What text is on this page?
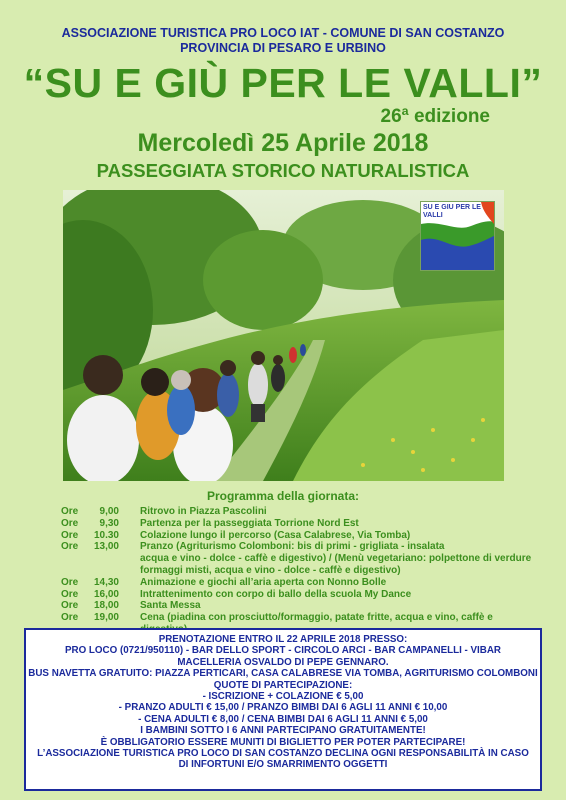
ASSOCIAZIONE TURISTICA PRO LOCO IAT - COMUNE DI SAN COSTANZO
PROVINCIA DI PESARO E URBINO
“SU E GIÙ PER LE VALLI”
26ª edizione
Mercoledì 25 Aprile 2018
PASSEGGIATA STORICO NATURALISTICA
SU E GIU PER LE VALLI
Programma della giornata:
Ore	9,00 Ritrovo in Piazza Pascolini
Ore	9,30 Partenza per la passeggiata Torrione Nord Est
Ore	10.30 Colazione lungo il percorso (Casa Calabrese, Via Tomba)
Ore	13,00 Pranzo (Agriturismo Colomboni: bis di primi - grigliata - insalata
acqua e vino - dolce - caffè e digestivo) / (Menù vegetariano: polpettone di verdure
formaggi misti, acqua e vino - dolce - caffè e digestivo)
Ore	14,30 Animazione e giochi all’aria aperta con Nonno Bolle
Ore	16,00 Intrattenimento con corpo di ballo della scuola My Dance
Ore	18,00 Santa Messa
Ore	19,00 Cena (piadina con prosciutto/formaggio, patate fritte, acqua e vino, caffè e
PRENOTAZIONE ENTRO IL 22 APRILE 2018 PRESSO:
PRO LOCO (0721/950110) - BAR DELLO SPORT - CIRCOLO ARCI - BAR CAMPANELLI - VIBAR
MACELLERIA OSVALDO DI PEPE GENNARO.
BUS NAVETTA GRATUITO: PIAZZA PERTICARI, CASA CALABRESE VIA TOMBA, AGRITURISMO COLOMBONI
QUOTE DI PARTECIPAZIONE:
- ISCRIZIONE + COLAZIONE € 5,00
- PRANZO ADULTI € 15,00 / PRANZO BIMBI DAI 6 AGLI 11 ANNI € 10,00
- CENA ADULTI € 8,00 / CENA BIMBI DAI 6 AGLI 11 ANNI € 5,00
I BAMBINI SOTTO I 6 ANNI PARTECIPANO GRATUITAMENTE!
È OBBLIGATORIO ESSERE MUNITI DI BIGLIETTO PER POTER PARTECIPARE!
L’ASSOCIAZIONE TURISTICA PRO LOCO DI SAN COSTANZO DECLINA OGNI RESPONSABILITÀ IN CASO
DI INFORTUNI E/O SMARRIMENTO OGGETTI
